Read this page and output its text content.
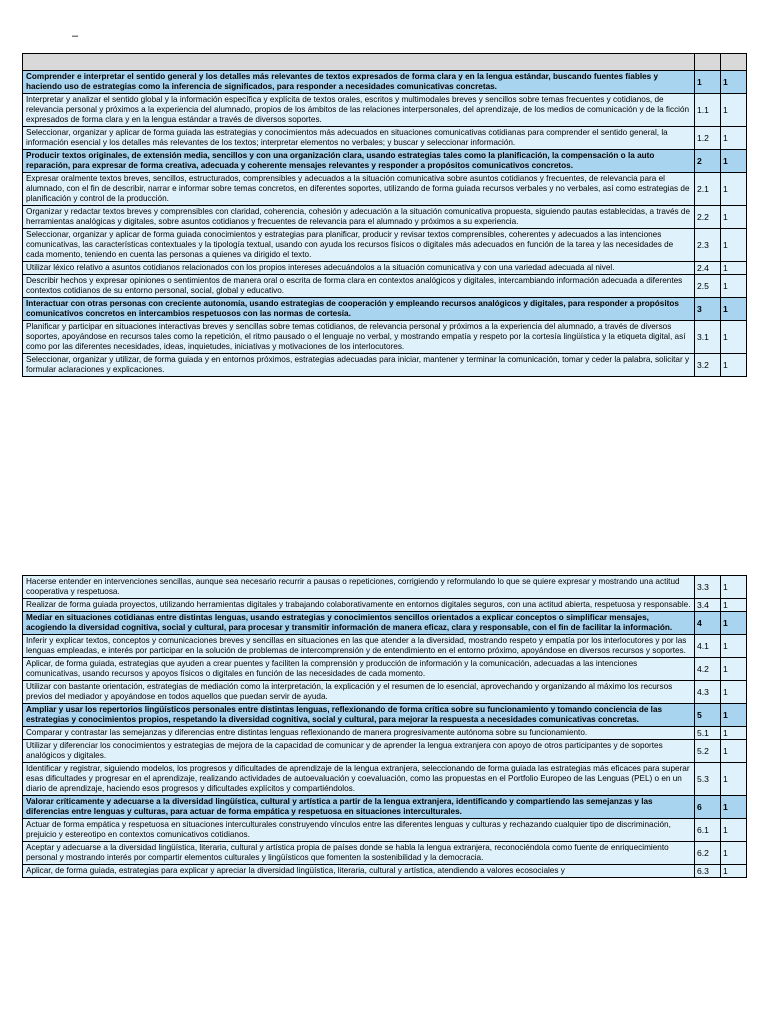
–

Comprender e interpretar el sentido general y los detalles más relevantes de textos expresados de forma clara y en la lengua estándar, buscando fuentes fiables y haciendo uso de estrategias como la inferencia de significados, para responder a necesidades comunicativas concretas.	1	1
Interpretar y analizar el sentido global y la información específica y explícita de textos orales, escritos y multimodales breves y sencillos sobre temas frecuentes y cotidianos, de relevancia personal y próximos a la experiencia del alumnado, propios de los ámbitos de las relaciones interpersonales, del aprendizaje, de los medios de comunicación y de la ficción expresados de forma clara y en la lengua estándar a través de diversos soportes.	1.1	1
Seleccionar, organizar y aplicar de forma guiada las estrategias y conocimientos más adecuados en situaciones comunicativas cotidianas para comprender el sentido general, la información esencial y los detalles más relevantes de los textos; interpretar elementos no verbales; y buscar y seleccionar información.	1.2	1
Producir textos originales, de extensión media, sencillos y con una organización clara, usando estrategias tales como la planificación, la compensación o la auto reparación, para expresar de forma creativa, adecuada y coherente mensajes relevantes y responder a propósitos comunicativos concretos.	2	1
Expresar oralmente textos breves, sencillos, estructurados, comprensibles y adecuados a la situación comunicativa sobre asuntos cotidianos y frecuentes, de relevancia para el alumnado, con el fin de describir, narrar e informar sobre temas concretos, en diferentes soportes, utilizando de forma guiada recursos verbales y no verbales, así como estrategias de planificación y control de la producción.	2.1	1
Organizar y redactar textos breves y comprensibles con claridad, coherencia, cohesión y adecuación a la situación comunicativa propuesta, siguiendo pautas establecidas, a través de herramientas analógicas y digitales, sobre asuntos cotidianos y frecuentes de relevancia para el alumnado y próximos a su experiencia.	2.2	1
Seleccionar, organizar y aplicar de forma guiada conocimientos y estrategias para planificar, producir y revisar textos comprensibles, coherentes y adecuados a las intenciones comunicativas, las características contextuales y la tipología textual, usando con ayuda los recursos físicos o digitales más adecuados en función de la tarea y las necesidades de cada momento, teniendo en cuenta las personas a quienes va dirigido el texto.	2.3	1
Utilizar léxico relativo a asuntos cotidianos relacionados con los propios intereses adecuándolos a la situación comunicativa y con una variedad adecuada al nivel.	2.4	1
Describir hechos y expresar opiniones o sentimientos de manera oral o escrita de forma clara en contextos analógicos y digitales, intercambiando información adecuada a diferentes contextos cotidianos de su entorno personal, social, global y educativo.	2.5	1
Interactuar con otras personas con creciente autonomía, usando estrategias de cooperación y empleando recursos analógicos y digitales, para responder a propósitos comunicativos concretos en intercambios respetuosos con las normas de cortesía.	3	1
Planificar y participar en situaciones interactivas breves y sencillas sobre temas cotidianos, de relevancia personal y próximos a la experiencia del alumnado, a través de diversos soportes, apoyándose en recursos tales como la repetición, el ritmo pausado o el lenguaje no verbal, y mostrando empatía y respeto por la cortesía lingüística y la etiqueta digital, así como por las diferentes necesidades, ideas, inquietudes, iniciativas y motivaciones de los interlocutores.	3.1	1
Seleccionar, organizar y utilizar, de forma guiada y en entornos próximos, estrategias adecuadas para iniciar, mantener y terminar la comunicación, tomar y ceder la palabra, solicitar y formular aclaraciones y explicaciones.	3.2	1
Hacerse entender en intervenciones sencillas, aunque sea necesario recurrir a pausas o repeticiones, corrigiendo y reformulando lo que se quiere expresar y mostrando una actitud cooperativa y respetuosa.	3.3	1
Realizar de forma guiada proyectos, utilizando herramientas digitales y trabajando colaborativamente en entornos digitales seguros, con una actitud abierta, respetuosa y responsable.	3.4	1
Mediar en situaciones cotidianas entre distintas lenguas, usando estrategias y conocimientos sencillos orientados a explicar conceptos o simplificar mensajes, acogiendo la diversidad cognitiva, social y cultural, para procesar y transmitir información de manera eficaz, clara y responsable, con el fin de facilitar la información.	4	1
Inferir y explicar textos, conceptos y comunicaciones breves y sencillas en situaciones en las que atender a la diversidad, mostrando respeto y empatía por los interlocutores y por las lenguas empleadas, e interés por participar en la solución de problemas de intercomprensión y de entendimiento en el entorno próximo, apoyándose en diversos recursos y soportes.	4.1	1
Aplicar, de forma guiada, estrategias que ayuden a crear puentes y faciliten la comprensión y producción de información y la comunicación, adecuadas a las intenciones comunicativas, usando recursos y apoyos físicos o digitales en función de las necesidades de cada momento.	4.2	1
Utilizar con bastante orientación, estrategias de mediación como la interpretación, la explicación y el resumen de lo esencial, aprovechando y organizando al máximo los recursos previos del mediador y apoyándose en todos aquellos que puedan servir de ayuda.	4.3	1
Ampliar y usar los repertorios lingüísticos personales entre distintas lenguas, reflexionando de forma crítica sobre su funcionamiento y tomando conciencia de las estrategias y conocimientos propios, respetando la diversidad cognitiva, social y cultural, para mejorar la respuesta a necesidades comunicativas concretas.	5	1
Comparar y contrastar las semejanzas y diferencias entre distintas lenguas reflexionando de manera progresivamente autónoma sobre su funcionamiento.	5.1	1
Utilizar y diferenciar los conocimientos y estrategias de mejora de la capacidad de comunicar y de aprender la lengua extranjera con apoyo de otros participantes y de soportes analógicos y digitales.	5.2	1
Identificar y registrar, siguiendo modelos, los progresos y dificultades de aprendizaje de la lengua extranjera, seleccionando de forma guiada las estrategias más eficaces para superar esas dificultades y progresar en el aprendizaje, realizando actividades de autoevaluación y coevaluación, como las propuestas en el Portfolio Europeo de las Lenguas (PEL) o en un diario de aprendizaje, haciendo esos progresos y dificultades explícitos y compartiéndolos.	5.3	1
Valorar críticamente y adecuarse a la diversidad lingüística, cultural y artística a partir de la lengua extranjera, identificando y compartiendo las semejanzas y las diferencias entre lenguas y culturas, para actuar de forma empática y respetuosa en situaciones interculturales.	6	1
Actuar de forma empática y respetuosa en situaciones interculturales construyendo vínculos entre las diferentes lenguas y culturas y rechazando cualquier tipo de discriminación, prejuicio y estereotipo en contextos comunicativos cotidianos.	6.1	1
Aceptar y adecuarse a la diversidad lingüística, literaria, cultural y artística propia de países donde se habla la lengua extranjera, reconociéndola como fuente de enriquecimiento personal y mostrando interés por compartir elementos culturales y lingüísticos que fomenten la sostenibilidad y la democracia.	6.2	1
Aplicar, de forma guiada, estrategias para explicar y apreciar la diversidad lingüística, literaria, cultural y artística, atendiendo a valores ecosociales y	6.3	1
